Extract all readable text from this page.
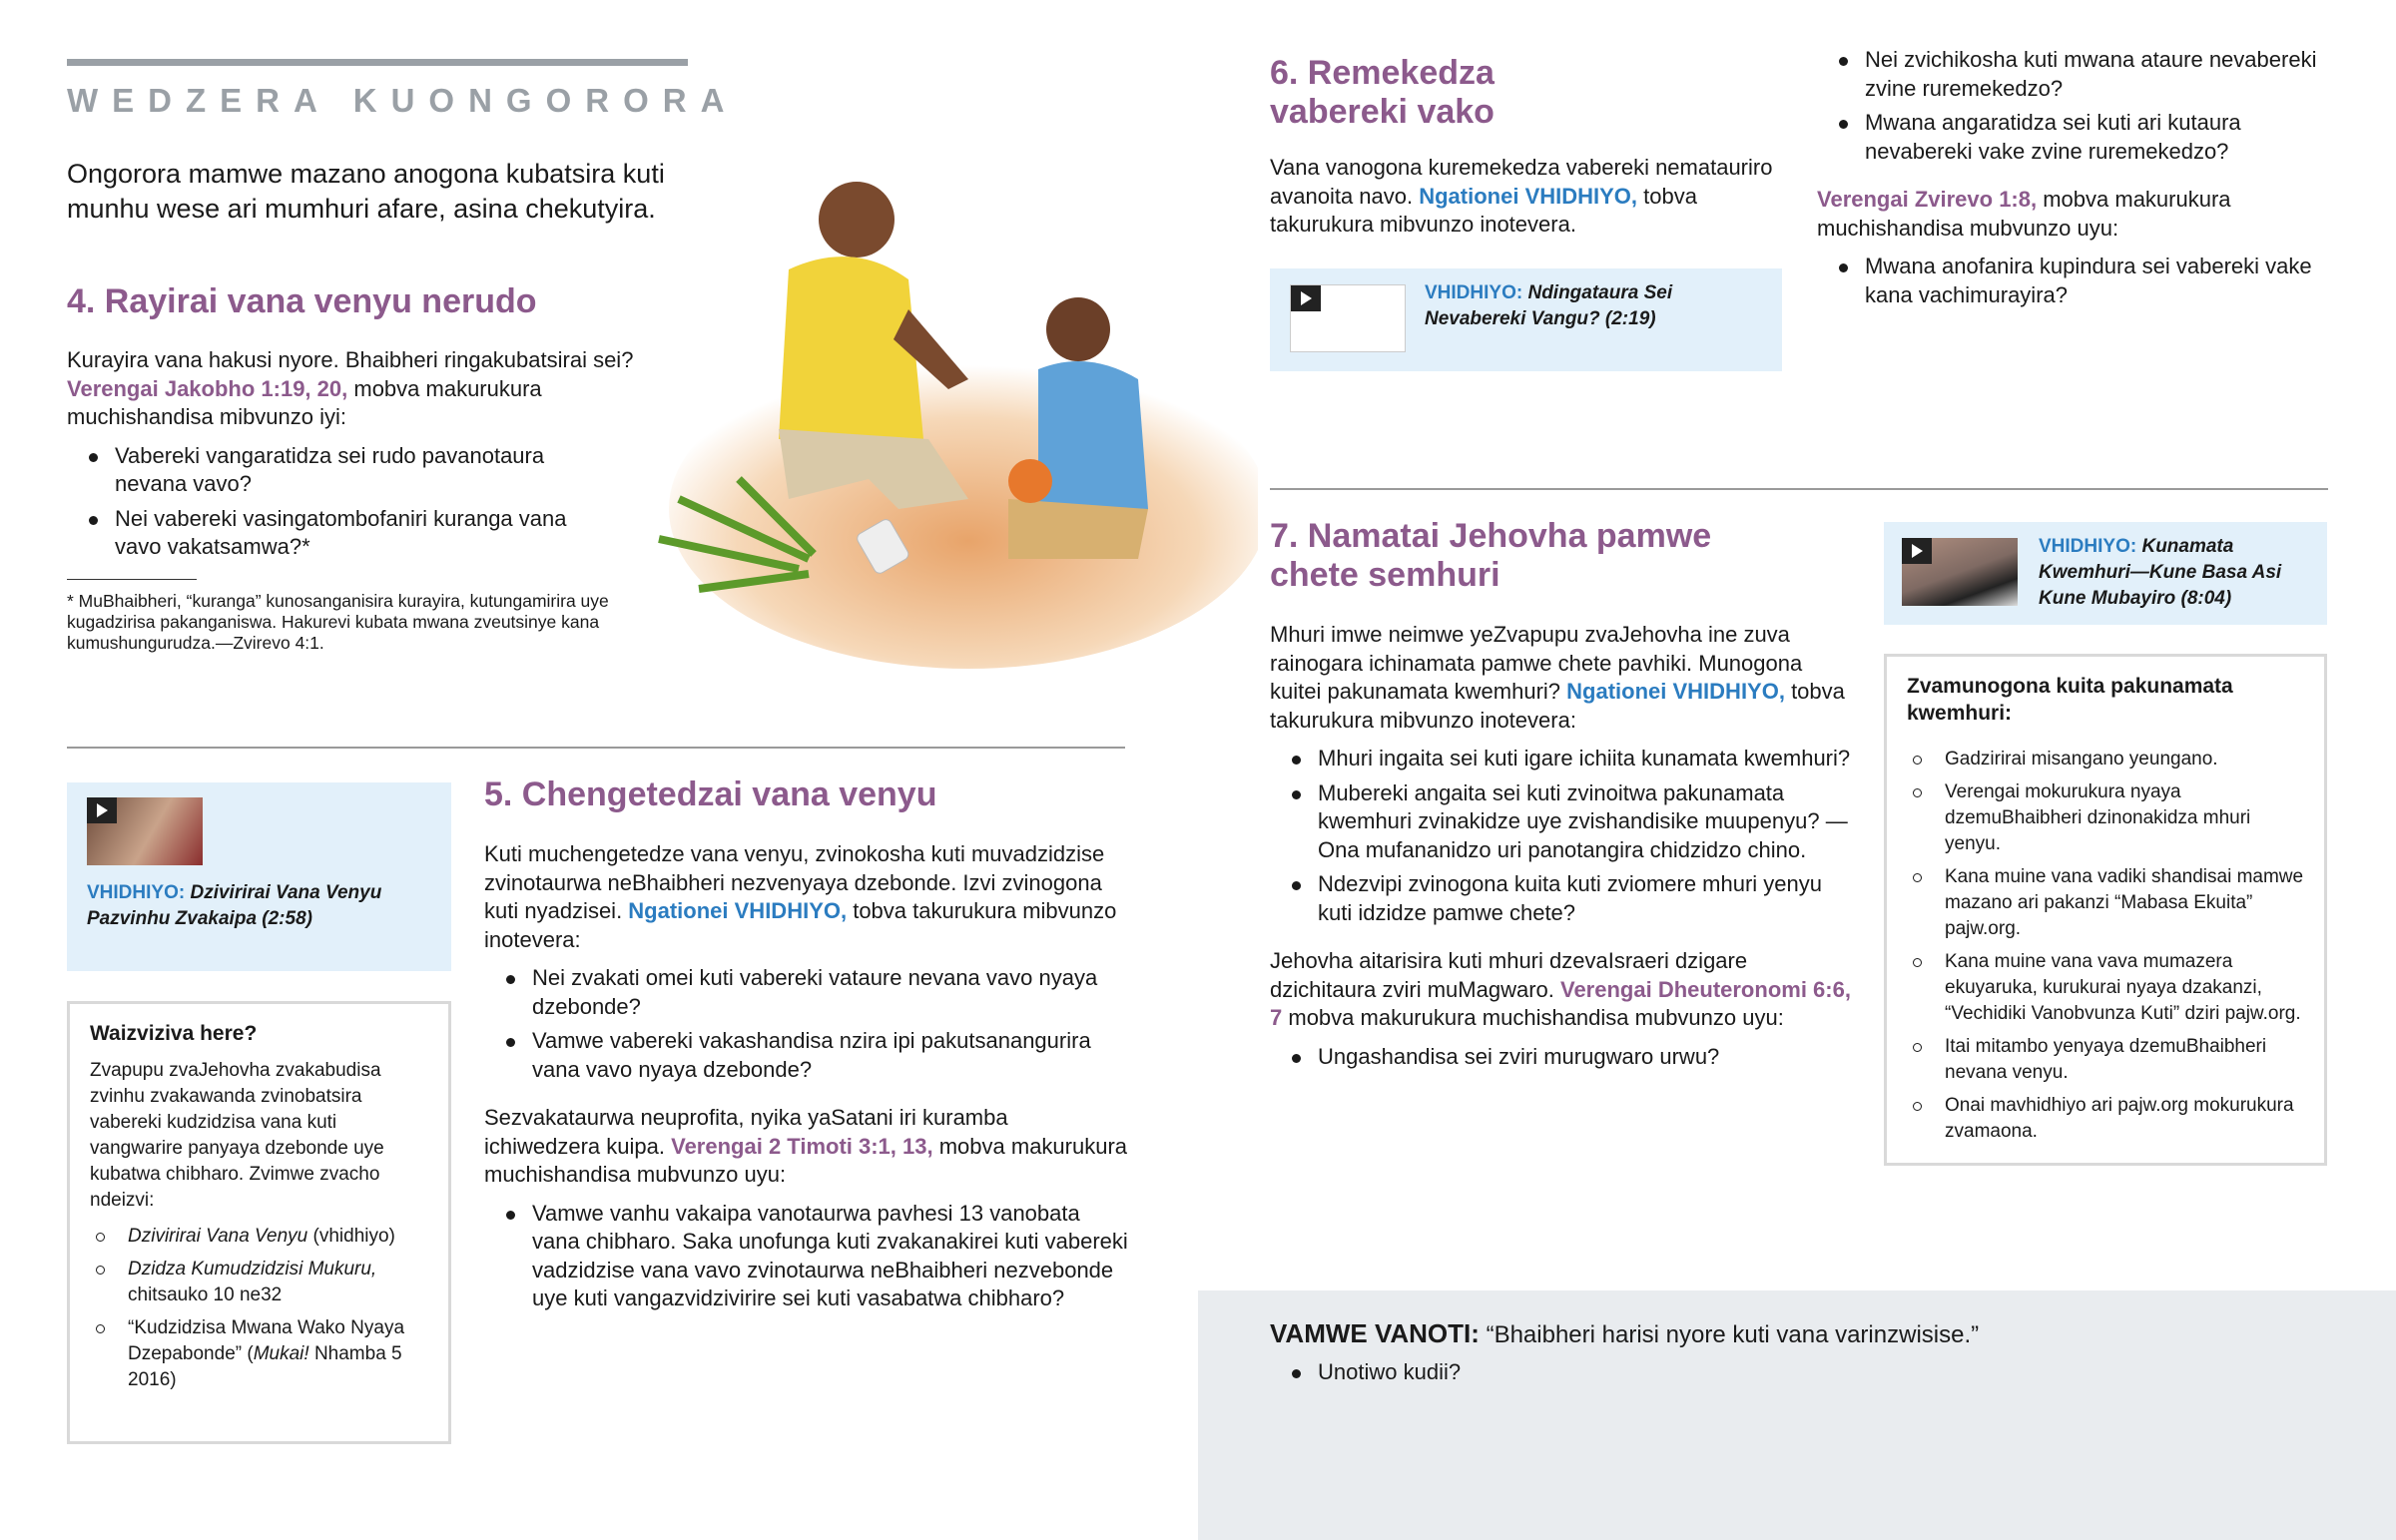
WEDZERA KUONGORORA
Ongorora mamwe mazano anogona kubatsira kuti munhu wese ari mumhuri afare, asina chekutyira.
4. Rayirai vana venyu nerudo

Kurayira vana hakusi nyore. Bhaibheri ringakubatsirai sei? Verengai Jakobho 1:19, 20, mobva makurukura muchishandisa mibvunzo iyi:

Vabereki vangaratidza sei rudo pavanotaura nevana vavo?
Nei vabereki vasingatombofaniri kuranga vana vavo vakatsamwa?*
* MuBhaibheri, “kuranga” kunosanganisira kurayira, kutungamirira uye kugadzirisa pakanganiswa. Hakurevi kubata mwana zveutsinye kana kumushungurudza.—Zvirevo 4:1.
VHIDHIYO: Dzivirirai Vana Venyu Pazvinhu Zvakaipa (2:58)
Waizviziva here?
Zvapupu zvaJehovha zvakabudisa zvinhu zvakawanda zvinobatsira vabereki kudzidzisa vana kuti vangwarire panyaya dzebonde uye kubatwa chibharo. Zvimwe zvacho ndeizvi:
Dzivirirai Vana Venyu (vhidhiyo)
Dzidza Kumudzidzisi Mukuru, chitsauko 10 ne32
“Kudzidzisa Mwana Wako Nyaya Dzepabonde” (Mukai! Nhamba 5 2016)
5. Chengetedzai vana venyu

Kuti muchengetedze vana venyu, zvinokosha kuti muvadzidzise zvinotaurwa neBhaibheri nezvenyaya dzebonde. Izvi zvinogona kuti nyadzisei. Ngationei VHIDHIYO, tobva takurukura mibvunzo inotevera:

Nei zvakati omei kuti vabereki vataure nevana vavo nyaya dzebonde?
Vamwe vabereki vakashandisa nzira ipi pakutsanangurira vana vavo nyaya dzebonde?

Sezvakataurwa neuprofita, nyika yaSatani iri kuramba ichiwedzera kuipa. Verengai 2 Timoti 3:1, 13, mobva makurukura muchishandisa mubvunzo uyu:

Vamwe vanhu vakaipa vanotaurwa pavhesi 13 vanobata vana chibharo. Saka unofunga kuti zvakanakirei kuti vabereki vadzidzise vana vavo zvinotaurwa neBhaibheri nezvebonde uye kuti vangazvidzivirire sei kuti vasabatwa chibharo?
6. Remekedza vabereki vako

Vana vanogona kuremekedza vabereki nematauriro avanoita navo. Ngationei VHIDHIYO, tobva takurukura mibvunzo inotevera.

VHIDHIYO: Ndingataura Sei Nevabereki Vangu? (2:19)
Nei zvichikosha kuti mwana ataure nevabereki zvine ruremekedzo?
Mwana angaratidza sei kuti ari kutaura nevabereki vake zvine ruremekedzo?

Verengai Zvirevo 1:8, mobva makurukura muchishandisa mubvunzo uyu:

Mwana anofanira kupindura sei vabereki vake kana vachimurayira?
7. Namatai Jehovha pamwe chete semhuri

Mhuri imwe neimwe yeZvapupu zvaJehovha ine zuva rainogara ichinamata pamwe chete pavhiki. Munogona kuitei pakunamata kwemhuri? Ngationei VHIDHIYO, tobva takurukura mibvunzo inotevera:

Mhuri ingaita sei kuti igare ichiita kunamata kwemhuri?
Mubereki angaita sei kuti zvinoitwa pakunamata kwemhuri zvinakidze uye zvishandisike muupenyu? —Ona mufananidzo uri panotangira chidzidzo chino.
Ndezvipi zvinogona kuita kuti zviomere mhuri yenyu kuti idzidze pamwe chete?

Jehovha aitarisira kuti mhuri dzevaIsraeri dzigare dzichitaura zviri muMagwaro. Verengai Dheuteronomi 6:6, 7 mobva makurukura muchishandisa mubvunzo uyu:

Ungashandisa sei zviri murugwaro urwu?
VHIDHIYO: Kunamata Kwemhuri—Kune Basa Asi Kune Mubayiro (8:04)
Zvamunogona kuita pakunamata kwemhuri:
Gadzirirai misangano yeungano.
Verengai mokurukura nyaya dzemuBhaibheri dzinonakidza mhuri yenyu.
Kana muine vana vadiki shandisai mamwe mazano ari pakanzi “Mabasa Ekuita” pajw.org.
Kana muine vana vava mumazera ekuyaruka, kurukurai nyaya dzakanzi, “Vechidiki Vanobvunza Kuti” dziri pajw.org.
Itai mitambo yenyaya dzemuBhaibheri nevana venyu.
Onai mavhidhiyo ari pajw.org mokurukura zvamaona.

VAMWE VANOTI: “Bhaibheri harisi nyore kuti vana varinzwisise.”

Unotiwo kudii?
